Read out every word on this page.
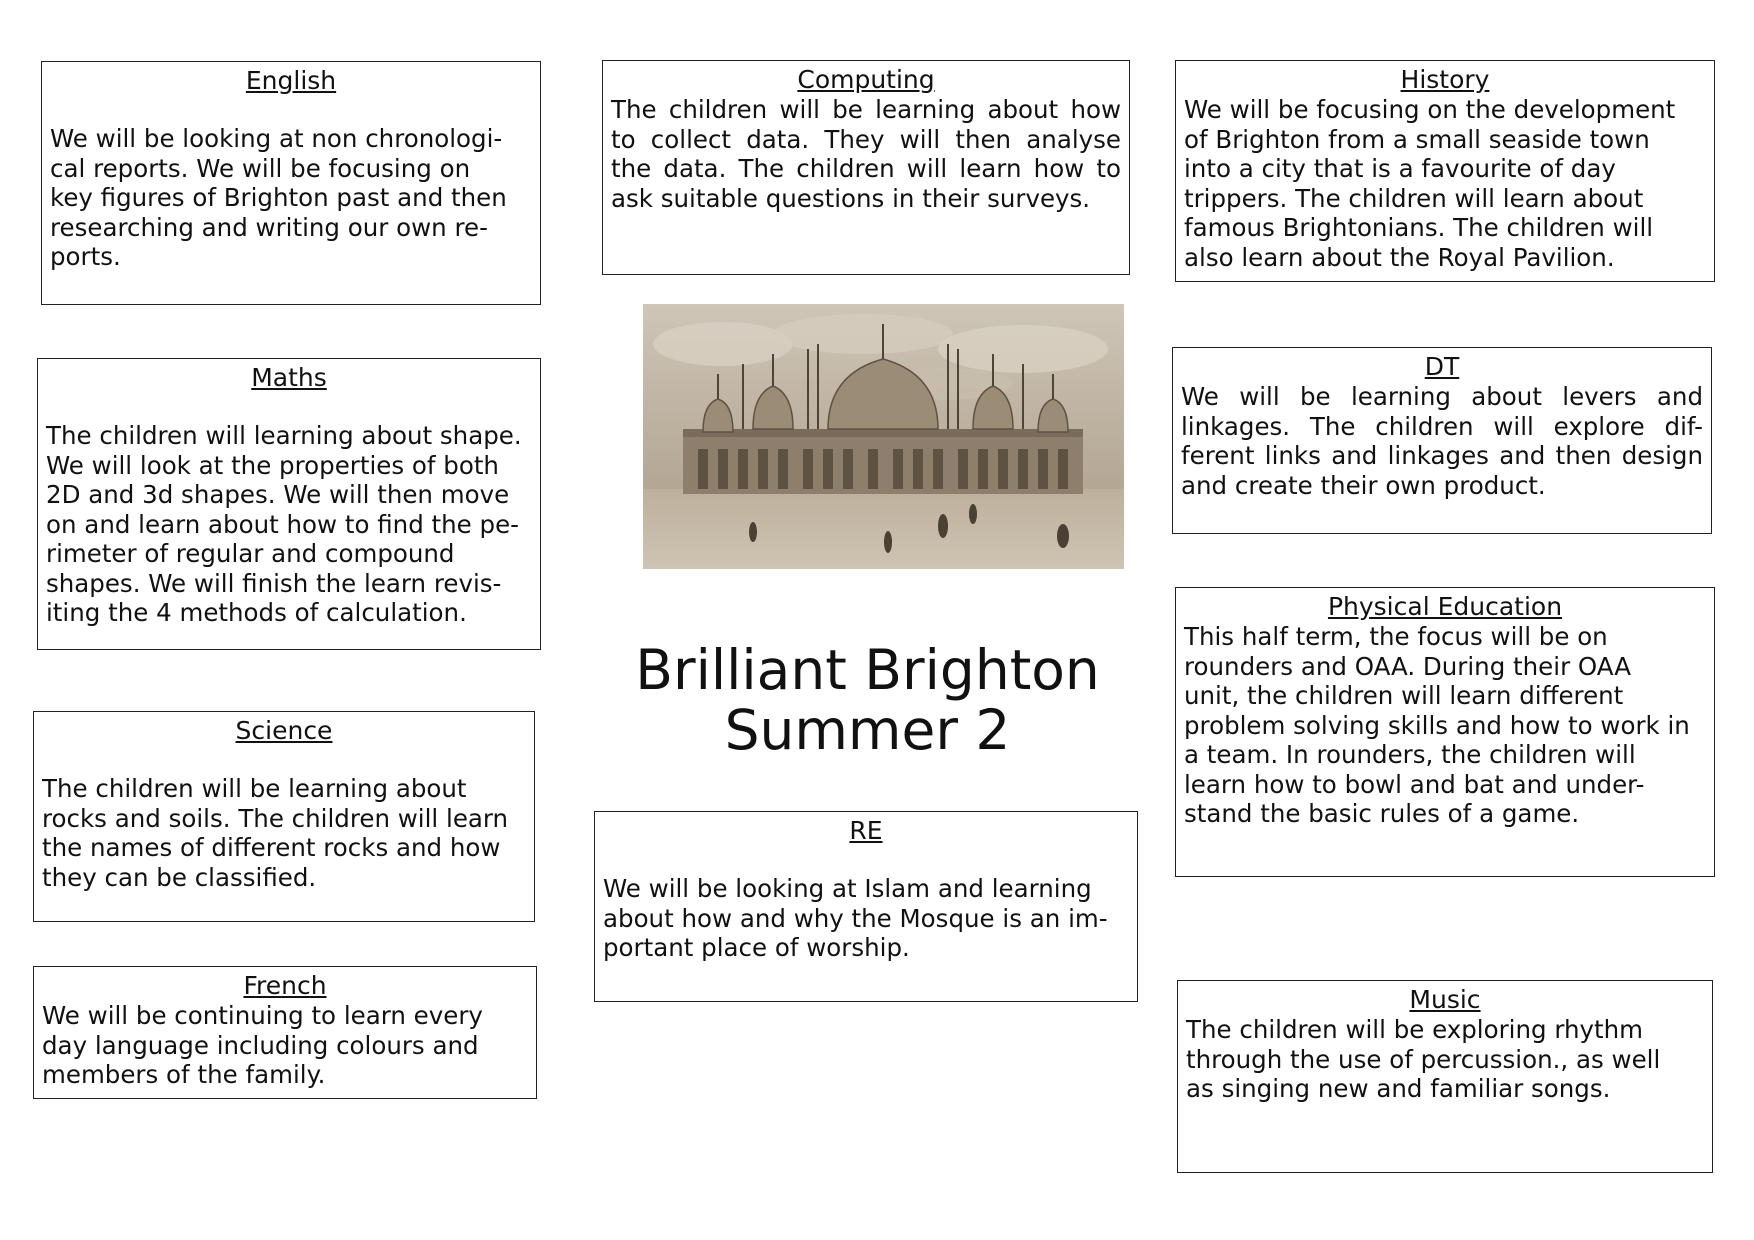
English

We will be looking at non chronologi-
cal reports. We will be focusing on
key figures of Brighton past and then
researching and writing our own re-
ports.

Maths

The children will learning about shape.
We will look at the properties of both
2D and 3d shapes. We will then move
on and learn about how to find the pe-
rimeter of regular and compound
shapes. We will finish the learn revis-
iting the 4 methods of calculation.

Science

The children will be learning about
rocks and soils. The children will learn
the names of different rocks and how
they can be classified.

French

We will be continuing to learn every
day language including colours and
members of the family.

Computing

The children will be learning about how to collect data. They will then analyse the data. The children will learn how to ask suitable questions in their surveys.

Brilliant Brighton
Summer 2

RE

We will be looking at Islam and learning
about how and why the Mosque is an im-
portant place of worship.

History

We will be focusing on the development
of Brighton from a small seaside town
into a city that is a favourite of day
trippers. The children will learn about
famous Brightonians. The children will
also learn about the Royal Pavilion.

DT

We will be learning about levers and linkages. The children will explore dif-ferent links and linkages and then design and create their own product.

Physical Education

This half term, the focus will be on
rounders and OAA. During their OAA
unit, the children will learn different
problem solving skills and how to work in
a team. In rounders, the children will
learn how to bowl and bat and under-
stand the basic rules of a game.

Music

The children will be exploring rhythm
through the use of percussion., as well
as singing new and familiar songs.
